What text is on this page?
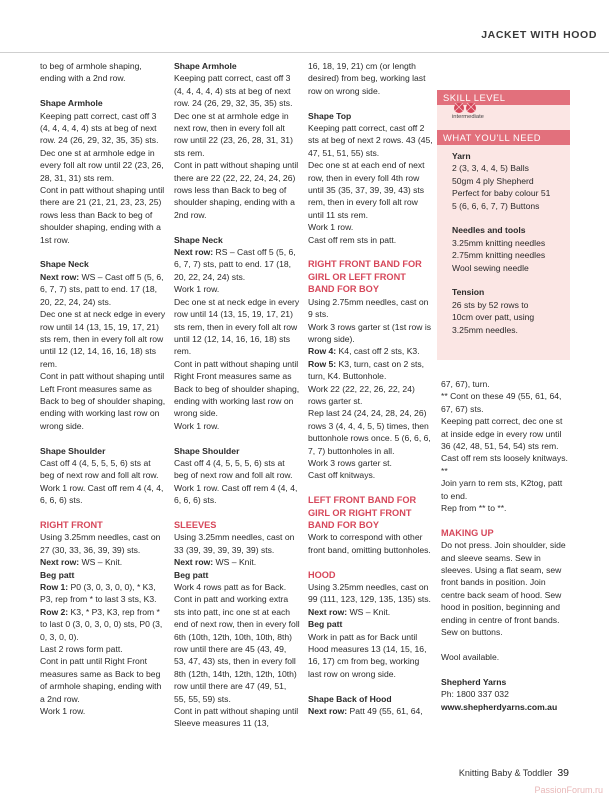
JACKET WITH HOOD

to beg of armhole shaping, ending with a 2nd row.

Shape Armhole

Keeping patt correct, cast off 3 (4, 4, 4, 4, 4) sts at beg of next row. 24 (26, 29, 32, 35, 35) sts.

Dec one st at armhole edge in every foll alt row until 22 (23, 26, 28, 31, 31) sts rem.

Cont in patt without shaping until there are 21 (21, 21, 23, 23, 25) rows less than Back to beg of shoulder shaping, ending with a 1st row.

Shape Neck

Next row: WS – Cast off 5 (5, 6, 6, 7, 7) sts, patt to end. 17 (18, 20, 22, 24, 24) sts.

Dec one st at neck edge in every row until 14 (13, 15, 19, 17, 21) sts rem, then in every foll alt row until 12 (12, 14, 16, 16, 18) sts rem.

Cont in patt without shaping until Left Front measures same as Back to beg of shoulder shaping, ending with working last row on wrong side.

Shape Shoulder

Cast off 4 (4, 5, 5, 5, 6) sts at beg of next row and foll alt row. Work 1 row. Cast off rem 4 (4, 4, 6, 6, 6) sts.

RIGHT FRONT

Using 3.25mm needles, cast on 27 (30, 33, 36, 39, 39) sts.

Next row: WS – Knit.

Beg patt

Row 1: P0 (3, 0, 3, 0, 0), * K3, P3, rep from * to last 3 sts, K3.

Row 2: K3, * P3, K3, rep from * to last 0 (3, 0, 3, 0, 0) sts, P0 (3, 0, 3, 0, 0).

Last 2 rows form patt.

Cont in patt until Right Front measures same as Back to beg of armhole shaping, ending with a 2nd row.

Work 1 row.

Shape Armhole

Keeping patt correct, cast off 3 (4, 4, 4, 4, 4) sts at beg of next row. 24 (26, 29, 32, 35, 35) sts.

Dec one st at armhole edge in next row, then in every foll alt row until 22 (23, 26, 28, 31, 31) sts rem.

Cont in patt without shaping until there are 22 (22, 22, 24, 24, 26) rows less than Back to beg of shoulder shaping, ending with a 2nd row.

Shape Neck

Next row: RS – Cast off 5 (5, 6, 6, 7, 7) sts, patt to end. 17 (18, 20, 22, 24, 24) sts.

Work 1 row.

Dec one st at neck edge in every row until 14 (13, 15, 19, 17, 21) sts rem, then in every foll alt row until 12 (12, 14, 16, 16, 18) sts rem.

Cont in patt without shaping until Right Front measures same as Back to beg of shoulder shaping, ending with working last row on wrong side.

Work 1 row.

Shape Shoulder

Cast off 4 (4, 5, 5, 5, 6) sts at beg of next row and foll alt row. Work 1 row. Cast off rem 4 (4, 4, 6, 6, 6) sts.

SLEEVES

Using 3.25mm needles, cast on 33 (39, 39, 39, 39, 39) sts.

Next row: WS – Knit.

Beg patt

Work 4 rows patt as for Back.

Cont in patt and working extra sts into patt, inc one st at each end of next row, then in every foll 6th (10th, 12th, 10th, 10th, 8th) row until there are 45 (43, 49, 53, 47, 43) sts, then in every foll 8th (12th, 14th, 12th, 12th, 10th) row until there are 47 (49, 51, 55, 55, 59) sts.

Cont in patt without shaping until Sleeve measures 11 (13,

16, 18, 19, 21) cm (or length desired) from beg, working last row on wrong side.

Shape Top

Keeping patt correct, cast off 2 sts at beg of next 2 rows. 43 (45, 47, 51, 51, 55) sts.

Dec one st at each end of next row, then in every foll 4th row until 35 (35, 37, 39, 39, 43) sts rem, then in every foll alt row until 11 sts rem.

Work 1 row.

Cast off rem sts in patt.

RIGHT FRONT BAND FOR GIRL OR LEFT FRONT BAND FOR BOY

Using 2.75mm needles, cast on 9 sts.

Work 3 rows garter st (1st row is wrong side).

Row 4: K4, cast off 2 sts, K3.

Row 5: K3, turn, cast on 2 sts, turn, K4. Buttonhole.

Work 22 (22, 22, 26, 22, 24) rows garter st.

Rep last 24 (24, 24, 28, 24, 26) rows 3 (4, 4, 4, 5, 5) times, then buttonhole rows once. 5 (6, 6, 6, 7, 7) buttonholes in all.

Work 3 rows garter st.

Cast off knitways.

LEFT FRONT BAND FOR GIRL OR RIGHT FRONT BAND FOR BOY

Work to correspond with other front band, omitting buttonholes.

HOOD

Using 3.25mm needles, cast on 99 (111, 123, 129, 135, 135) sts.

Next row: WS – Knit.

Beg patt

Work in patt as for Back until Hood measures 13 (14, 15, 16, 16, 17) cm from beg, working last row on wrong side.

Shape Back of Hood

Next row: Patt 49 (55, 61, 64,

SKILL LEVEL
intermediate
WHAT YOU'LL NEED

Yarn

2 (3, 3, 4, 4, 5) Balls

50gm 4 ply Shepherd

Perfect for baby colour 51

5 (6, 6, 6, 7, 7) Buttons

Needles and tools

3.25mm knitting needles

2.75mm knitting needles

Wool sewing needle

Tension

26 sts by 52 rows to

10cm over patt, using

3.25mm needles.

67, 67), turn.

** Cont on these 49 (55, 61, 64, 67, 67) sts.

Keeping patt correct, dec one st at inside edge in every row until 36 (42, 48, 51, 54, 54) sts rem.

Cast off rem sts loosely knitways. **

Join yarn to rem sts, K2tog, patt to end.

Rep from ** to **.

MAKING UP

Do not press. Join shoulder, side and sleeve seams. Sew in sleeves. Using a flat seam, sew front bands in position. Join centre back seam of hood. Sew hood in position, beginning and ending in centre of front bands. Sew on buttons.

Wool available.

Shepherd Yarns

Ph: 1800 337 032

www.shepherdyarns.com.au

Knitting Baby & Toddler 39
PassionForum.ru
